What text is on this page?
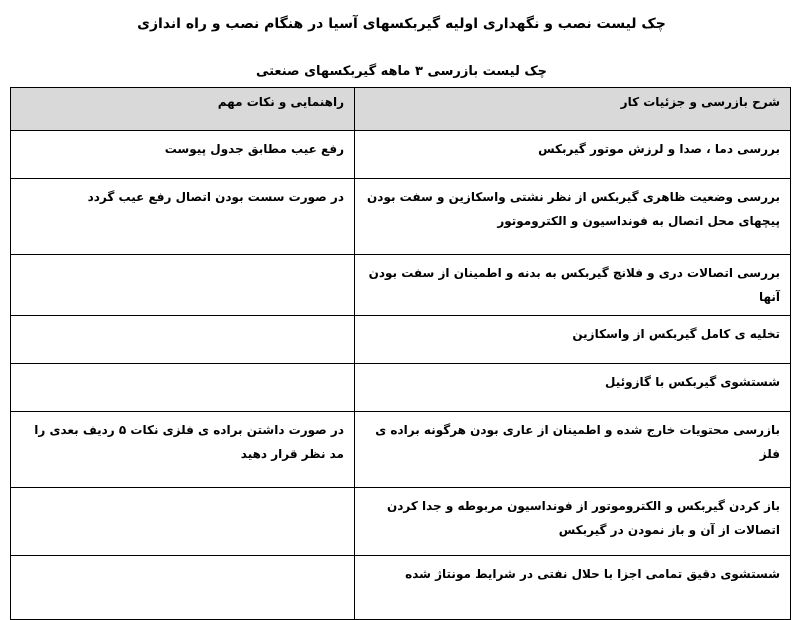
چک لیست نصب و نگهداری اولیه گیربکسهای آسیا در هنگام نصب و راه اندازی
چک لیست بازرسی ۳ ماهه گیربکسهای صنعتی
شرح بازرسی و جزئیات کار	راهنمایی و نکات مهم
بررسی دما ، صدا و لرزش موتور گیربکس	رفع عیب مطابق جدول پیوست
بررسی وضعیت ظاهری گیربکس از نظر نشتی واسکازین و سفت بودن پیچهای محل اتصال به فونداسیون و الکتروموتور	در صورت سست بودن اتصال رفع عیب گردد
بررسی اتصالات دری و فلانچ گیربکس به بدنه و اطمینان از سفت بودن آنها	
تخلیه ی کامل گیربکس از واسکازین	
شستشوی گیربکس با گازوئیل	
بازرسی محتویات خارج شده و اطمینان از عاری بودن هرگونه براده ی فلز	در صورت داشتن براده ی فلزی نکات ۵ ردیف بعدی را مد نظر قرار دهید
باز کردن گیربکس و الکتروموتور از فونداسیون مربوطه و جدا کردن اتصالات از آن و باز نمودن در گیربکس	
شستشوی دقیق تمامی اجزا با حلال نفتی در شرایط مونتاژ شده	
